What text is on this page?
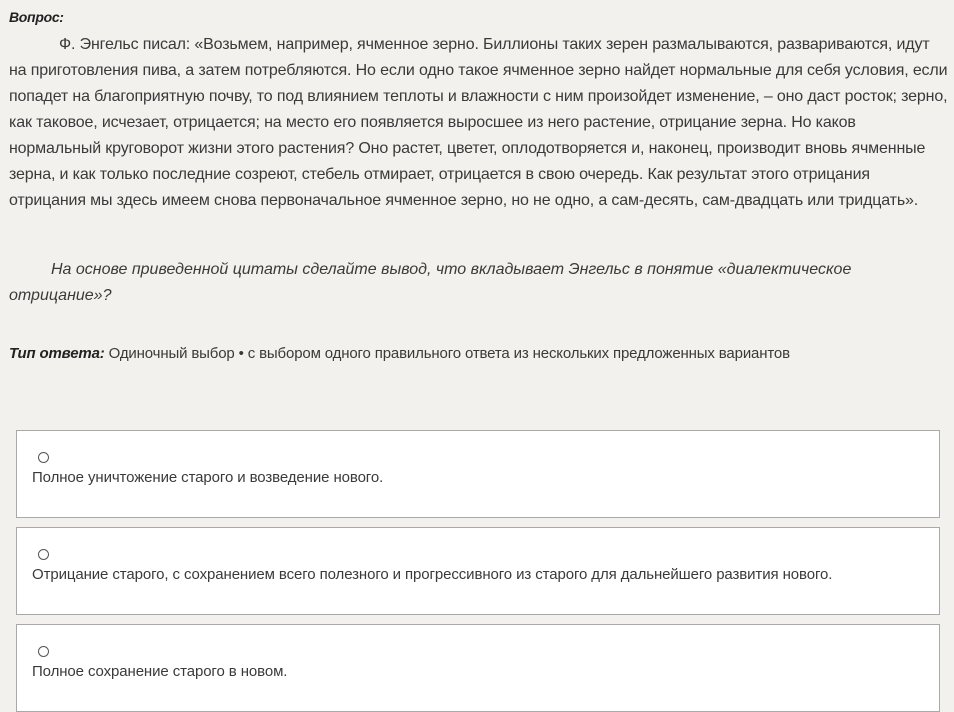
Вопрос:
Ф. Энгельс писал: «Возьмем, например, ячменное зерно. Биллионы таких зерен размалываются, развариваются, идут на приготовления пива, а затем потребляются. Но если одно такое ячменное зерно найдет нормальные для себя условия, если попадет на благоприятную почву, то под влиянием теплоты и влажности с ним произойдет изменение, – оно даст росток; зерно, как таковое, исчезает, отрицается; на место его появляется выросшее из него растение, отрицание зерна. Но каков нормальный круговорот жизни этого растения? Оно растет, цветет, оплодотворяется и, наконец, производит вновь ячменные зерна, и как только последние созреют, стебель отмирает, отрицается в свою очередь. Как результат этого отрицания отрицания мы здесь имеем снова первоначальное ячменное зерно, но не одно, а сам-десять, сам-двадцать или тридцать».
На основе приведенной цитаты сделайте вывод, что вкладывает Энгельс в понятие «диалектическое отрицание»?
Тип ответа: Одиночный выбор • с выбором одного правильного ответа из нескольких предложенных вариантов
Полное уничтожение старого и возведение нового.
Отрицание старого, с сохранением всего полезного и прогрессивного из старого для дальнейшего развития нового.
Полное сохранение старого в новом.
